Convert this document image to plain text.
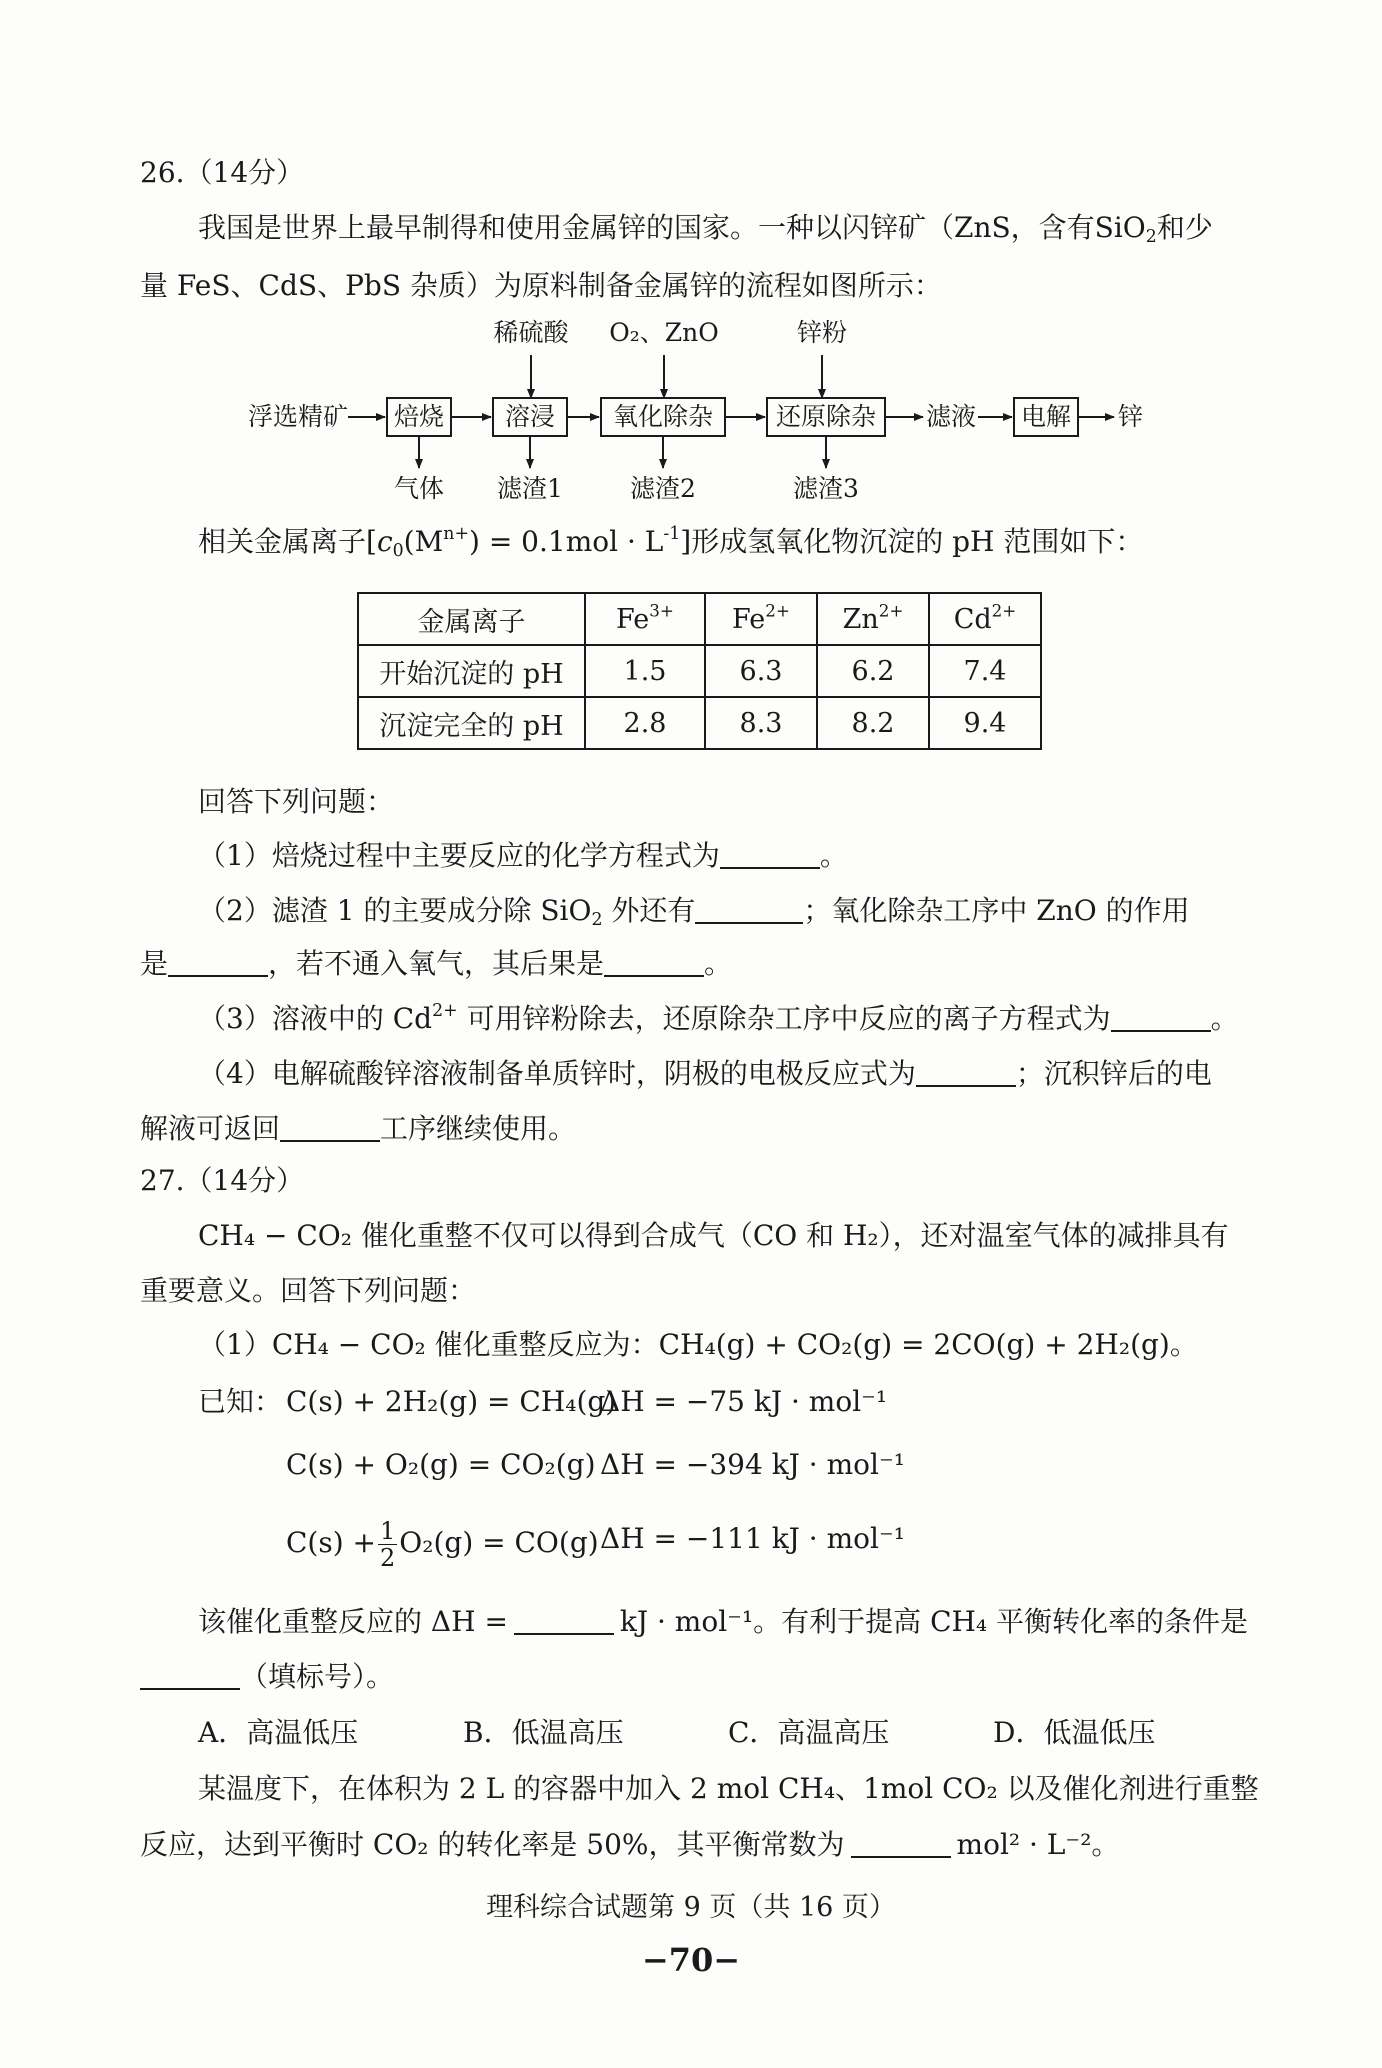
26.（14分）
我国是世界上最早制得和使用金属锌的国家。一种以闪锌矿（ZnS，含有SiO$_2$和少
量 FeS、CdS、PbS 杂质）为原料制备金属锌的流程如图所示：
稀硫酸 O₂、ZnO	锌粉
浮选精矿 焙烧 溶浸 氧化除杂	还原除杂 滤液 电解 锌
气体 滤渣1	滤渣2	滤渣3
相关金属离子$[c_0(M^{n+}) = 0.1mol \cdot L^{-1}]$形成氢氧化物沉淀的 pH 范围如下：
金属离子	$Fe^{3+}$	$Fe^{2+}$	$Zn^{2+}$	$Cd^{2+}$
开始沉淀的 pH	1.5	6.3	6.2	7.4
沉淀完全的 pH	2.8	8.3	8.2	9.4
回答下列问题：
（1）焙烧过程中主要反应的化学方程式为	。
（2）滤渣 1 的主要成分除 SiO$_2$ 外还有	；氧化除杂工序中 ZnO 的作用
是	，若不通入氧气，其后果是	。
（3）溶液中的 $Cd^{2+}$ 可用锌粉除去，还原除杂工序中反应的离子方程式为	。
（4）电解硫酸锌溶液制备单质锌时，阴极的电极反应式为	；沉积锌后的电
解液可返回	工序继续使用。
27.（14分）
CH₄ − CO₂ 催化重整不仅可以得到合成气（CO 和 H₂），还对温室气体的减排具有
重要意义。回答下列问题：
（1）CH₄ − CO₂ 催化重整反应为：CH₄(g) + CO₂(g) = 2CO(g) + 2H₂(g)。
已知： C(s) + 2H₂(g) = CH₄(g)
ΔH = −75 kJ · mol⁻¹
C(s) + O₂(g) = CO₂(g) ΔH = −394 kJ · mol⁻¹
$C(s) + \frac{1}{2} O_2(g) = CO(g) \Delta H = -111$ kJ · mol⁻¹
该催化重整反应的 ΔH =	kJ · mol⁻¹。有利于提高 CH₄ 平衡转化率的条件是
（填标号）。
A．高温低压	B．低温高压	C．高温高压	D．低温低压
某温度下，在体积为 2 L 的容器中加入 2 mol CH₄、1mol CO₂ 以及催化剂进行重整
反应，达到平衡时 CO₂ 的转化率是 50%，其平衡常数为	mol² · L⁻²。
理科综合试题第 9 页（共 16 页）
−70−
